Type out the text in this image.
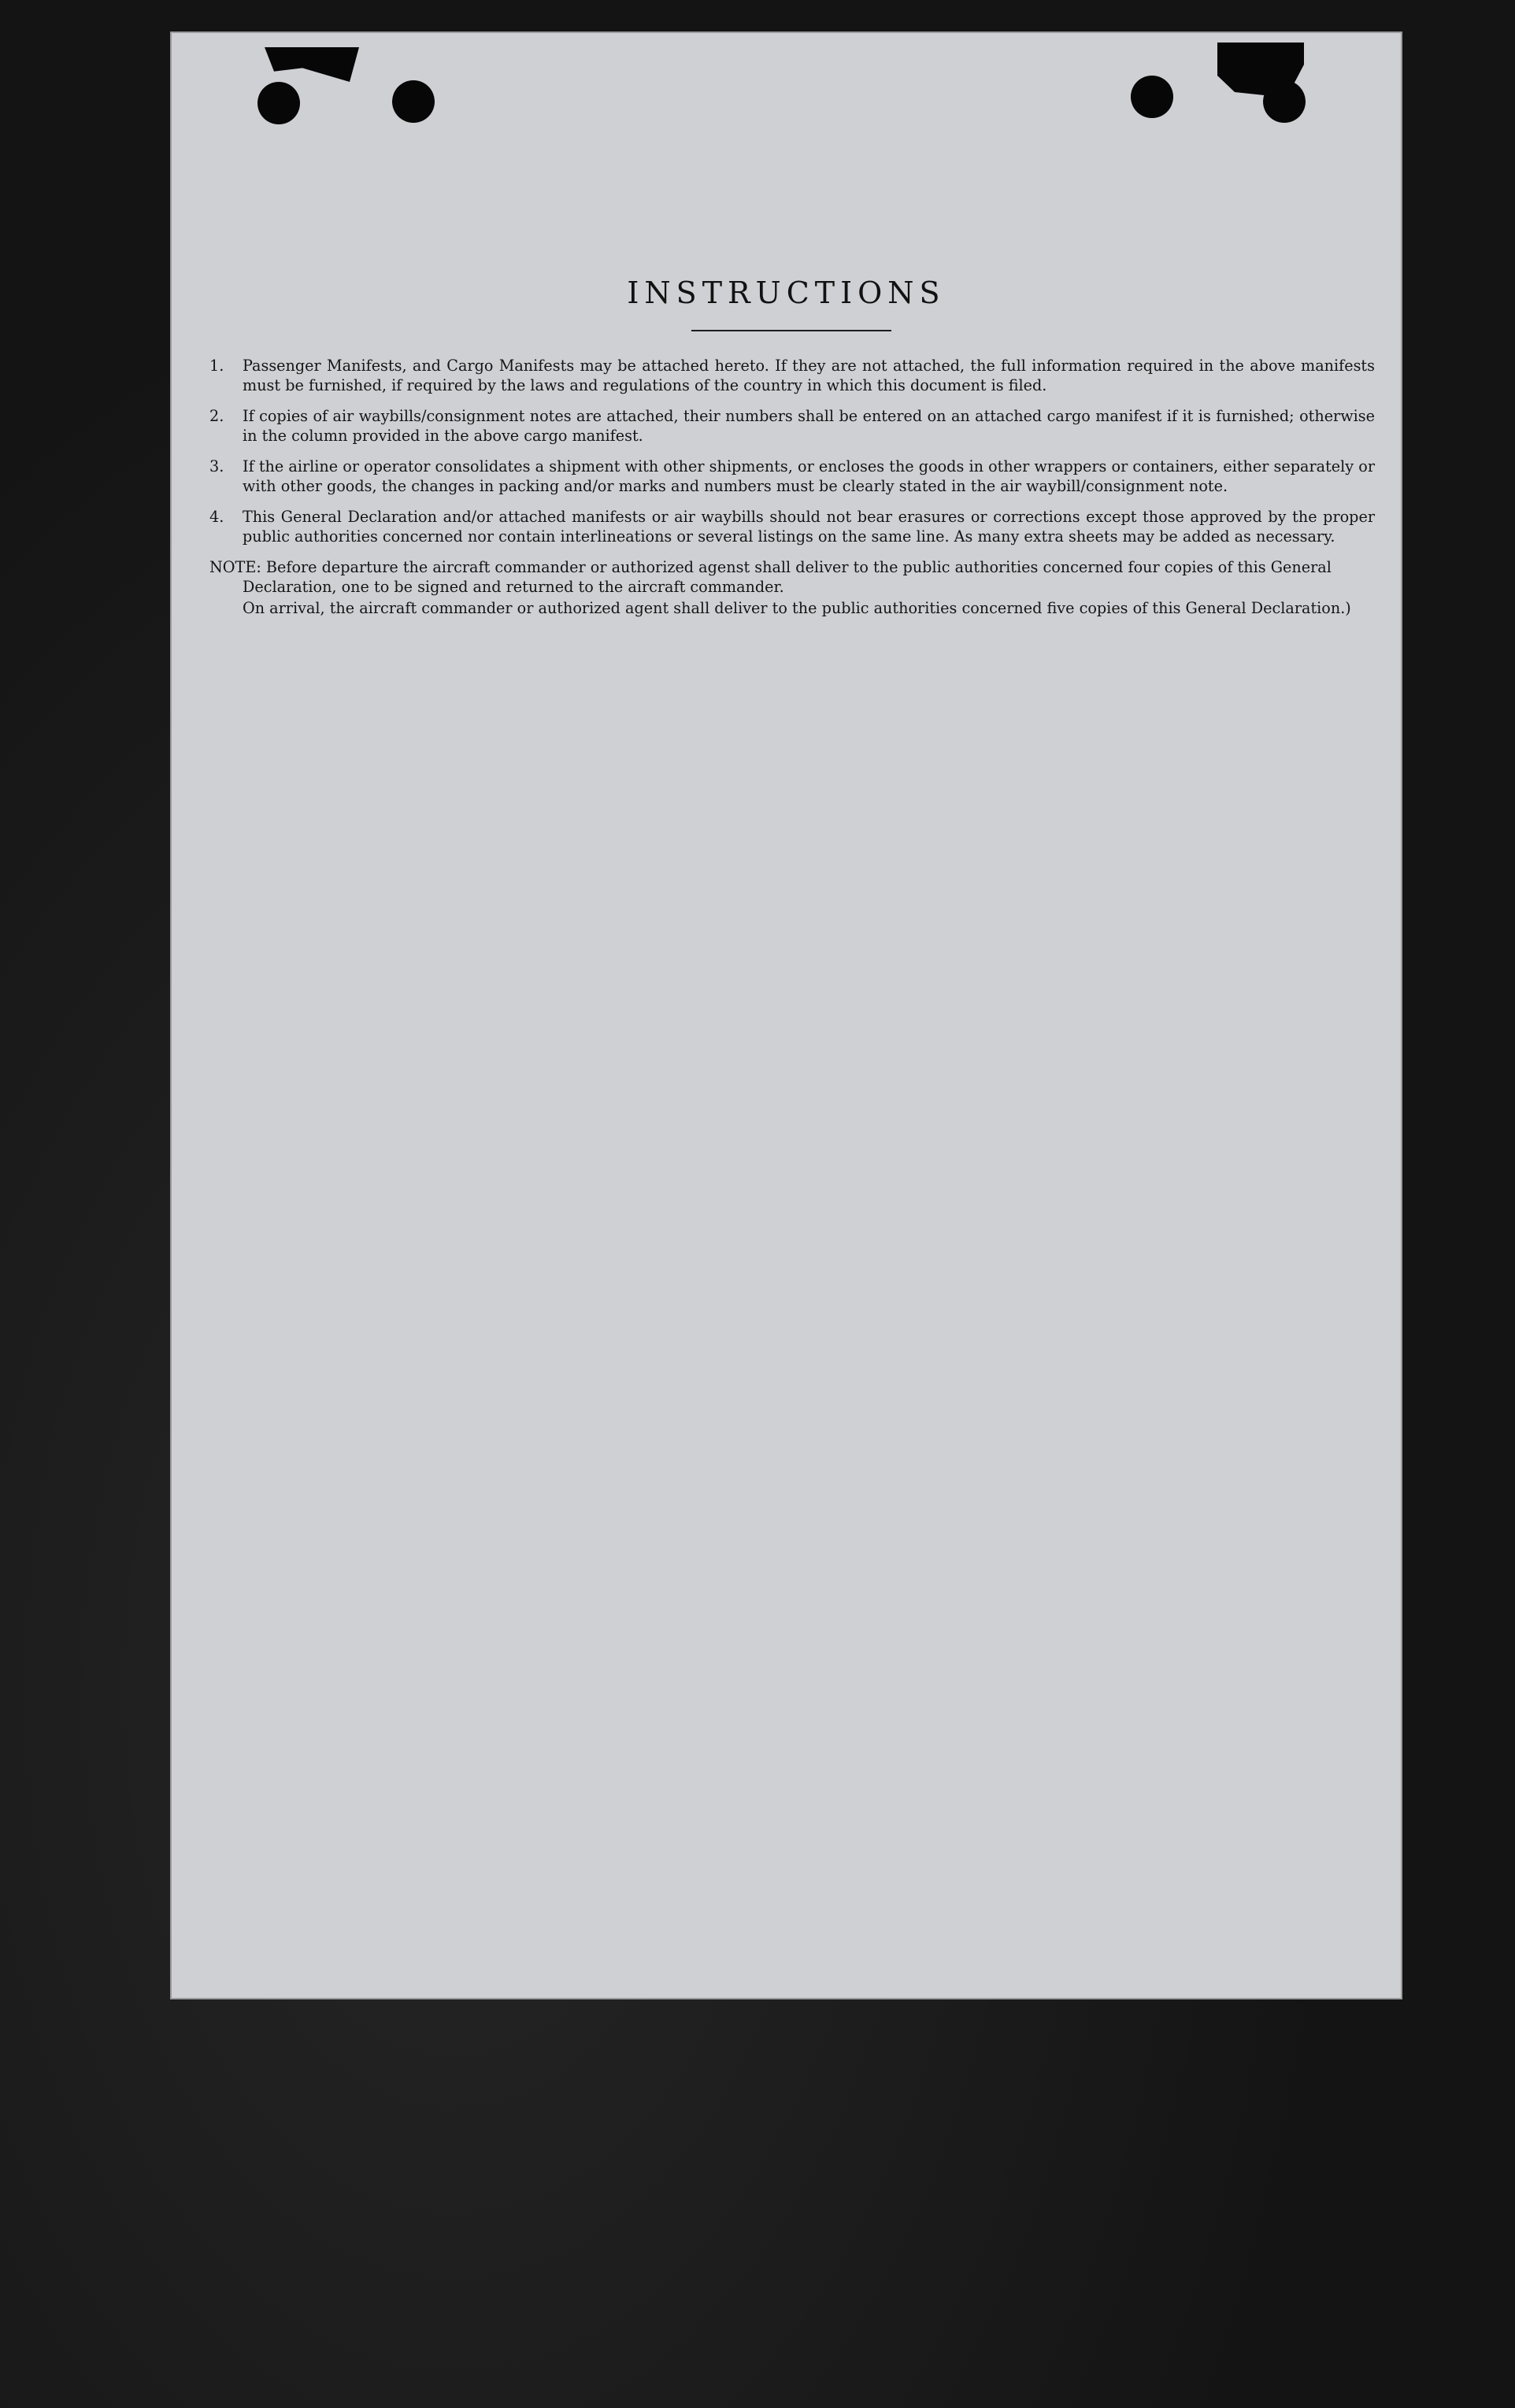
INSTRUCTIONS
1.	Passenger Manifests, and Cargo Manifests may be attached hereto. If they are not attached, the full information required in the above manifests must be furnished, if required by the laws and regulations of the country in which this document is filed.
2.	If copies of air waybills/consignment notes are attached, their numbers shall be entered on an attached cargo manifest if it is furnished; otherwise in the column provided in the above cargo manifest.
3.	If the airline or operator consolidates a shipment with other shipments, or encloses the goods in other wrappers or containers, either separately or with other goods, the changes in packing and/or marks and numbers must be clearly stated in the air waybill/consignment note.
4.	This General Declaration and/or attached manifests or air waybills should not bear erasures or corrections except those approved by the proper public authorities concerned nor contain interlineations or several listings on the same line. As many extra sheets may be added as necessary.
NOTE: Before departure the aircraft commander or authorized agenst shall deliver to the public authorities concerned four copies of this General Declaration, one to be signed and returned to the aircraft commander.
On arrival, the aircraft commander or authorized agent shall deliver to the public authorities concerned five copies of this General Declaration.)
